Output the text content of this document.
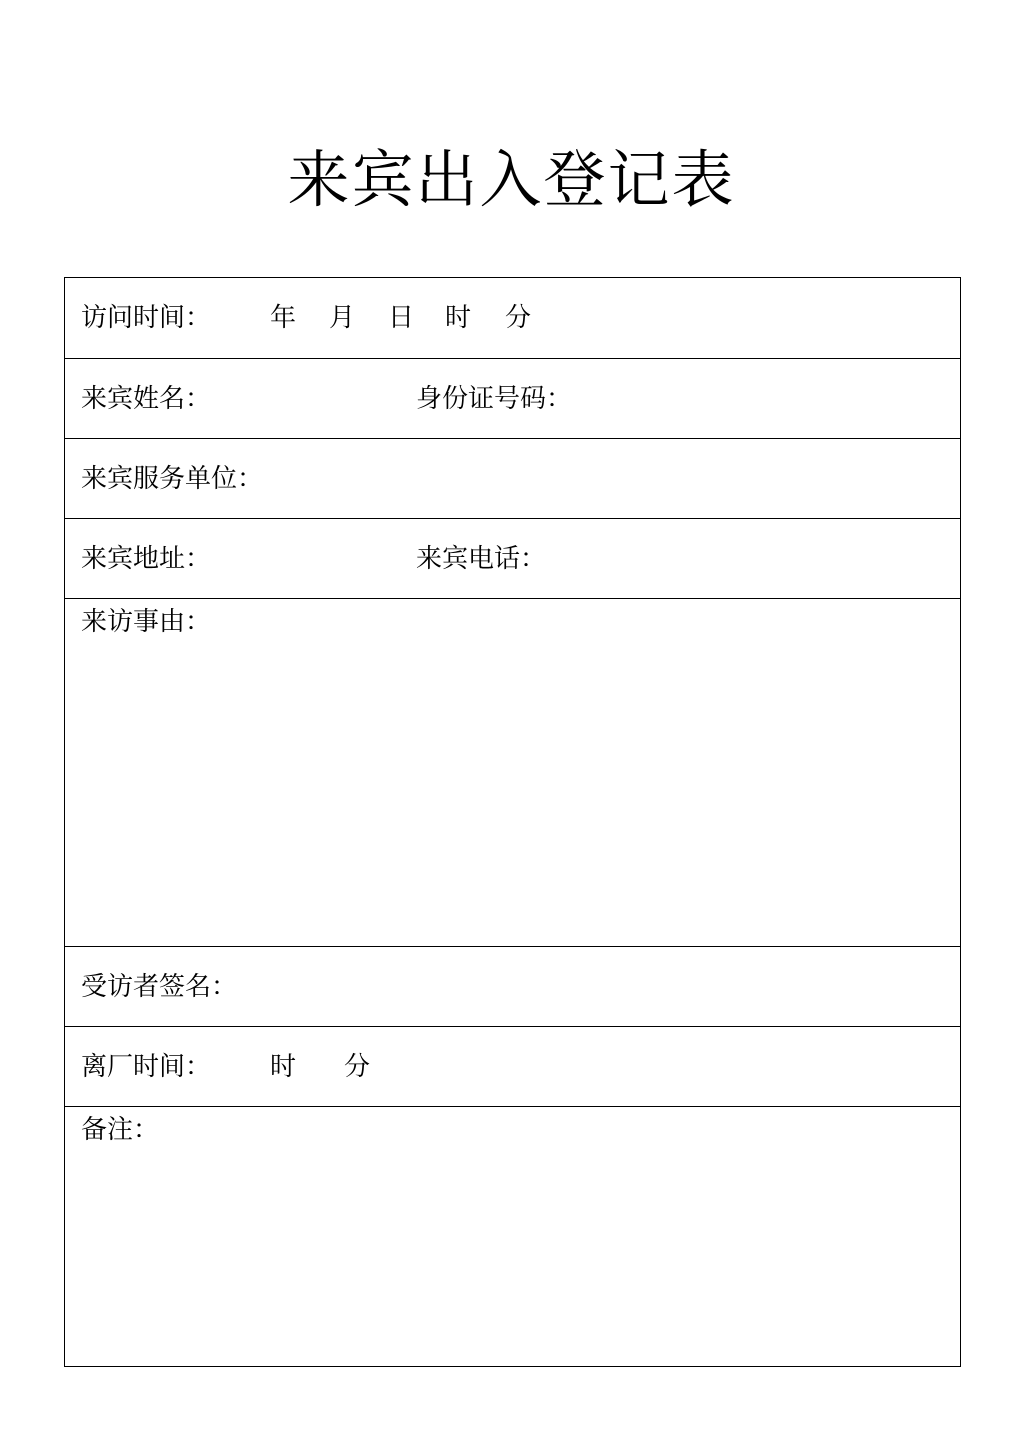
来宾出入登记表
访问时间： 年 月 日 时 分
来宾姓名：	身份证号码：
来宾服务单位：
来宾地址：	来宾电话：
来访事由：
受访者签名：
离厂时间： 时 分
备注：
